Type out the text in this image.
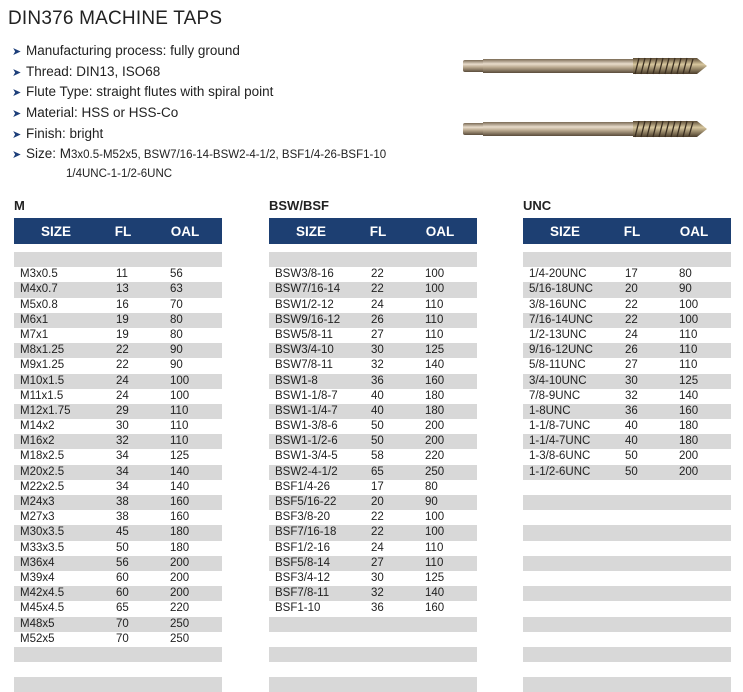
DIN376 MACHINE TAPS
➤ Manufacturing process: fully ground
➤ Thread: DIN13, ISO68
➤ Flute Type: straight flutes with spiral point
➤ Material: HSS or HSS-Co
➤ Finish: bright
➤ Size: M3x0.5-M52x5, BSW7/16-14-BSW2-4-1/2, BSF1/4-26-BSF1-10
1/4UNC-1-1/2-6UNC
M
SIZE	FL	OAL
M3x0.5	11	56
M4x0.7	13	63
M5x0.8	16	70
M6x1	19	80
M7x1	19	80
M8x1.25	22	90
M9x1.25	22	90
M10x1.5	24	100
M11x1.5	24	100
M12x1.75	29	110
M14x2	30	110
M16x2	32	110
M18x2.5	34	125
M20x2.5	34	140
M22x2.5	34	140
M24x3	38	160
M27x3	38	160
M30x3.5	45	180
M33x3.5	50	180
M36x4	56	200
M39x4	60	200
M42x4.5	60	200
M45x4.5	65	220
M48x5	70	250
M52x5	70	250
BSW/BSF
SIZE	FL	OAL
BSW3/8-16	22	100
BSW7/16-14	22	100
BSW1/2-12	24	110
BSW9/16-12	26	110
BSW5/8-11	27	110
BSW3/4-10	30	125
BSW7/8-11	32	140
BSW1-8	36	160
BSW1-1/8-7	40	180
BSW1-1/4-7	40	180
BSW1-3/8-6	50	200
BSW1-1/2-6	50	200
BSW1-3/4-5	58	220
BSW2-4-1/2	65	250
BSF1/4-26	17	80
BSF5/16-22	20	90
BSF3/8-20	22	100
BSF7/16-18	22	100
BSF1/2-16	24	110
BSF5/8-14	27	110
BSF3/4-12	30	125
BSF7/8-11	32	140
BSF1-10	36	160
UNC
SIZE	FL	OAL
1/4-20UNC	17	80
5/16-18UNC	20	90
3/8-16UNC	22	100
7/16-14UNC	22	100
1/2-13UNC	24	110
9/16-12UNC	26	110
5/8-11UNC	27	110
3/4-10UNC	30	125
7/8-9UNC	32	140
1-8UNC	36	160
1-1/8-7UNC	40	180
1-1/4-7UNC	40	180
1-3/8-6UNC	50	200
1-1/2-6UNC	50	200
